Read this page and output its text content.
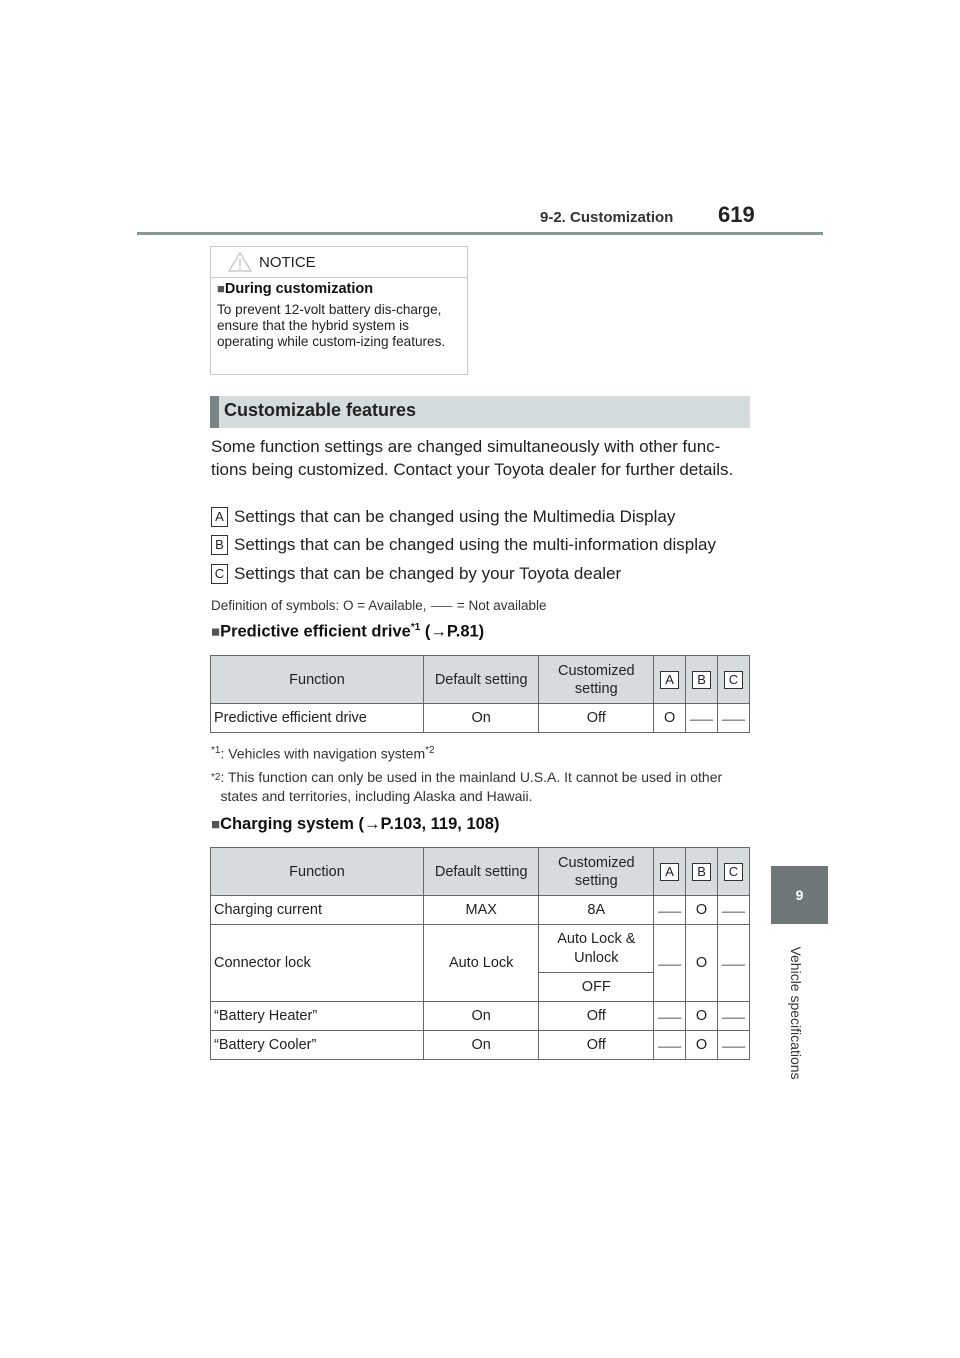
9-2. Customization 619
9
Vehicle specifications
NOTICE
■During customization
To prevent 12-volt battery dis-charge, ensure that the hybrid system is operating while custom-izing features.
Customizable features
Some function settings are changed simultaneously with other func-tions being customized. Contact your Toyota dealer for further details.
A Settings that can be changed using the Multimedia Display
B Settings that can be changed using the multi-information display
C Settings that can be changed by your Toyota dealer
Definition of symbols: O = Available, ⸺ = Not available
■Predictive efficient drive$^{*1}$ (→P.81)
Function	Default setting	Customized setting	A	B	C
Predictive efficient drive	On	Off	O	⸺	⸺
$^{*1}$: Vehicles with navigation system$^{*2}$
*2 : This function can only be used in the mainland U.S.A. It cannot be used in other states and territories, including Alaska and Hawaii.
■Charging system (→P.103, 119, 108)
Function	Default setting	Customized setting	A	B	C
Charging current	MAX	8A	⸺	O	⸺
Connector lock	Auto Lock	Auto Lock & Unlock	⸺	O	⸺
		OFF			
“Battery Heater”	On	Off	⸺	O	⸺
“Battery Cooler”	On	Off	⸺	O	⸺
